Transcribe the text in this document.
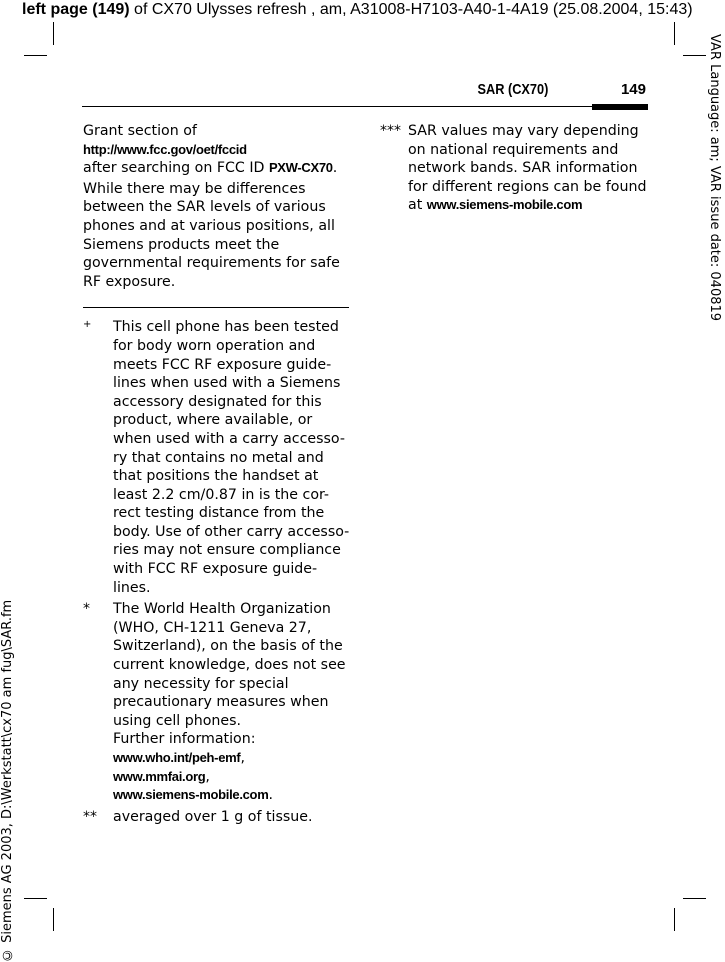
left page (149) of CX70 Ulysses refresh , am, A31008-H7103-A40-1-4A19 (25.08.2004, 15:43)
VAR Language: am; VAR issue date: 040819
© Siemens AG 2003, D:\Werkstatt\cx70 am fug\SAR.fm
SAR (CX70)	149

Grant section of
http://www.fcc.gov/oet/fccid
after searching on FCC ID PXW-CX70.

While there may be differences between the SAR levels of various phones and at various positions, all Siemens products meet the governmental requirements for safe RF exposure.

+ This cell phone has been tested for body worn operation and meets FCC RF exposure guide-lines when used with a Siemens accessory designated for this product, where available, or when used with a carry accesso-ry that contains no metal and that positions the handset at least 2.2 cm/0.87 in is the cor-rect testing distance from the body. Use of other carry accesso-ries may not ensure compliance with FCC RF exposure guide-lines.

* The World Health Organization (WHO, CH-1211 Geneva 27, Switzerland), on the basis of the current knowledge, does not see any necessity for special precautionary measures when using cell phones.
Further information:
www.who.int/peh-emf,
www.mmfai.org,
www.siemens-mobile.com.

** averaged over 1 g of tissue.

*** SAR values may vary depending on national requirements and network bands. SAR information for different regions can be found at www.siemens-mobile.com
